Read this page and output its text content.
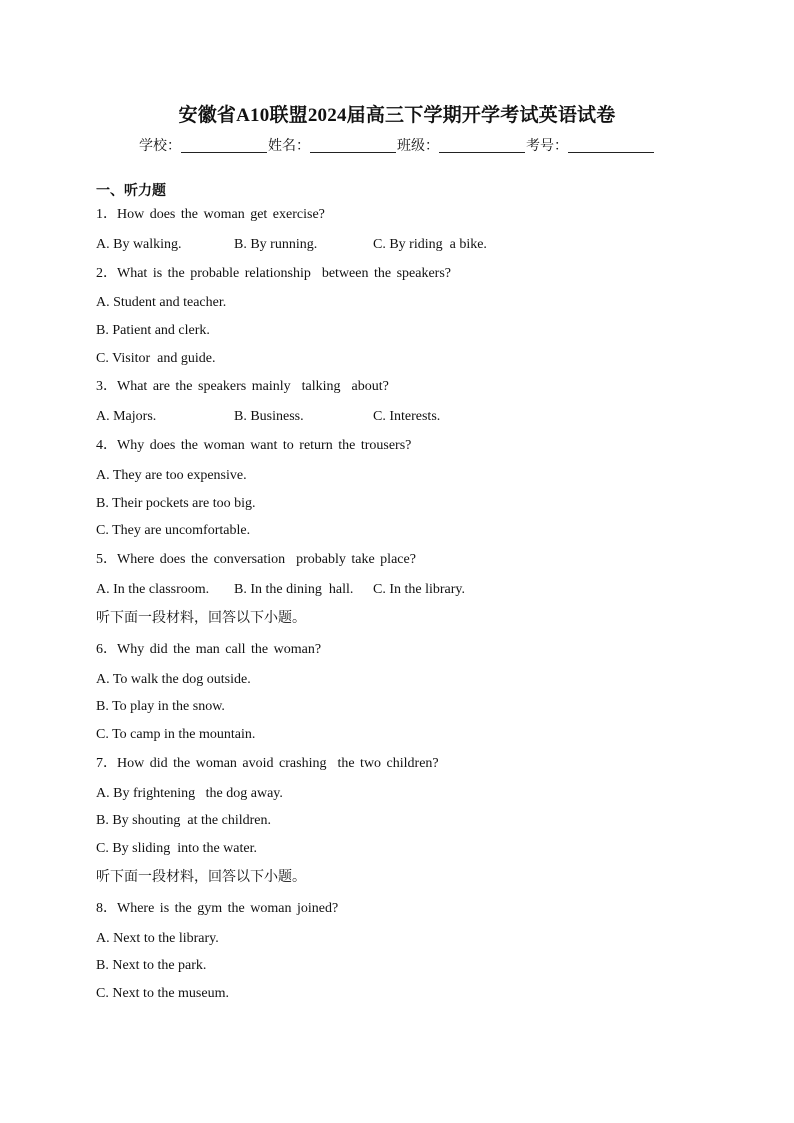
安徽省A10联盟2024届高三下学期开学考试英语试卷
学校：	姓名：	班级：	考号：
一、听力题
1．How does the woman get exercise?
A. By walking.	B. By running.	C. By riding  a bike.
2．What is the probable relationship  between the speakers?
A. Student and teacher.
B. Patient and clerk.
C. Visitor  and guide.
3．What are the speakers mainly  talking  about?
A. Majors.	B. Business.	C. Interests.
4．Why does the woman want to return the trousers?
A. They are too expensive.
B. Their pockets are too big.
C. They are uncomfortable.
5．Where does the conversation  probably take place?
A. In the classroom. B. In the dining  hall. C. In the library.
听下面一段材料，回答以下小题。
6．Why did the man call the woman?
A. To walk the dog outside.
B. To play in the snow.
C. To camp in the mountain.
7．How did the woman avoid crashing  the two children?
A. By frightening   the dog away.
B. By shouting  at the children.
C. By sliding  into the water.
听下面一段材料，回答以下小题。
8．Where is the gym the woman joined?
A. Next to the library.
B. Next to the park.
C. Next to the museum.
